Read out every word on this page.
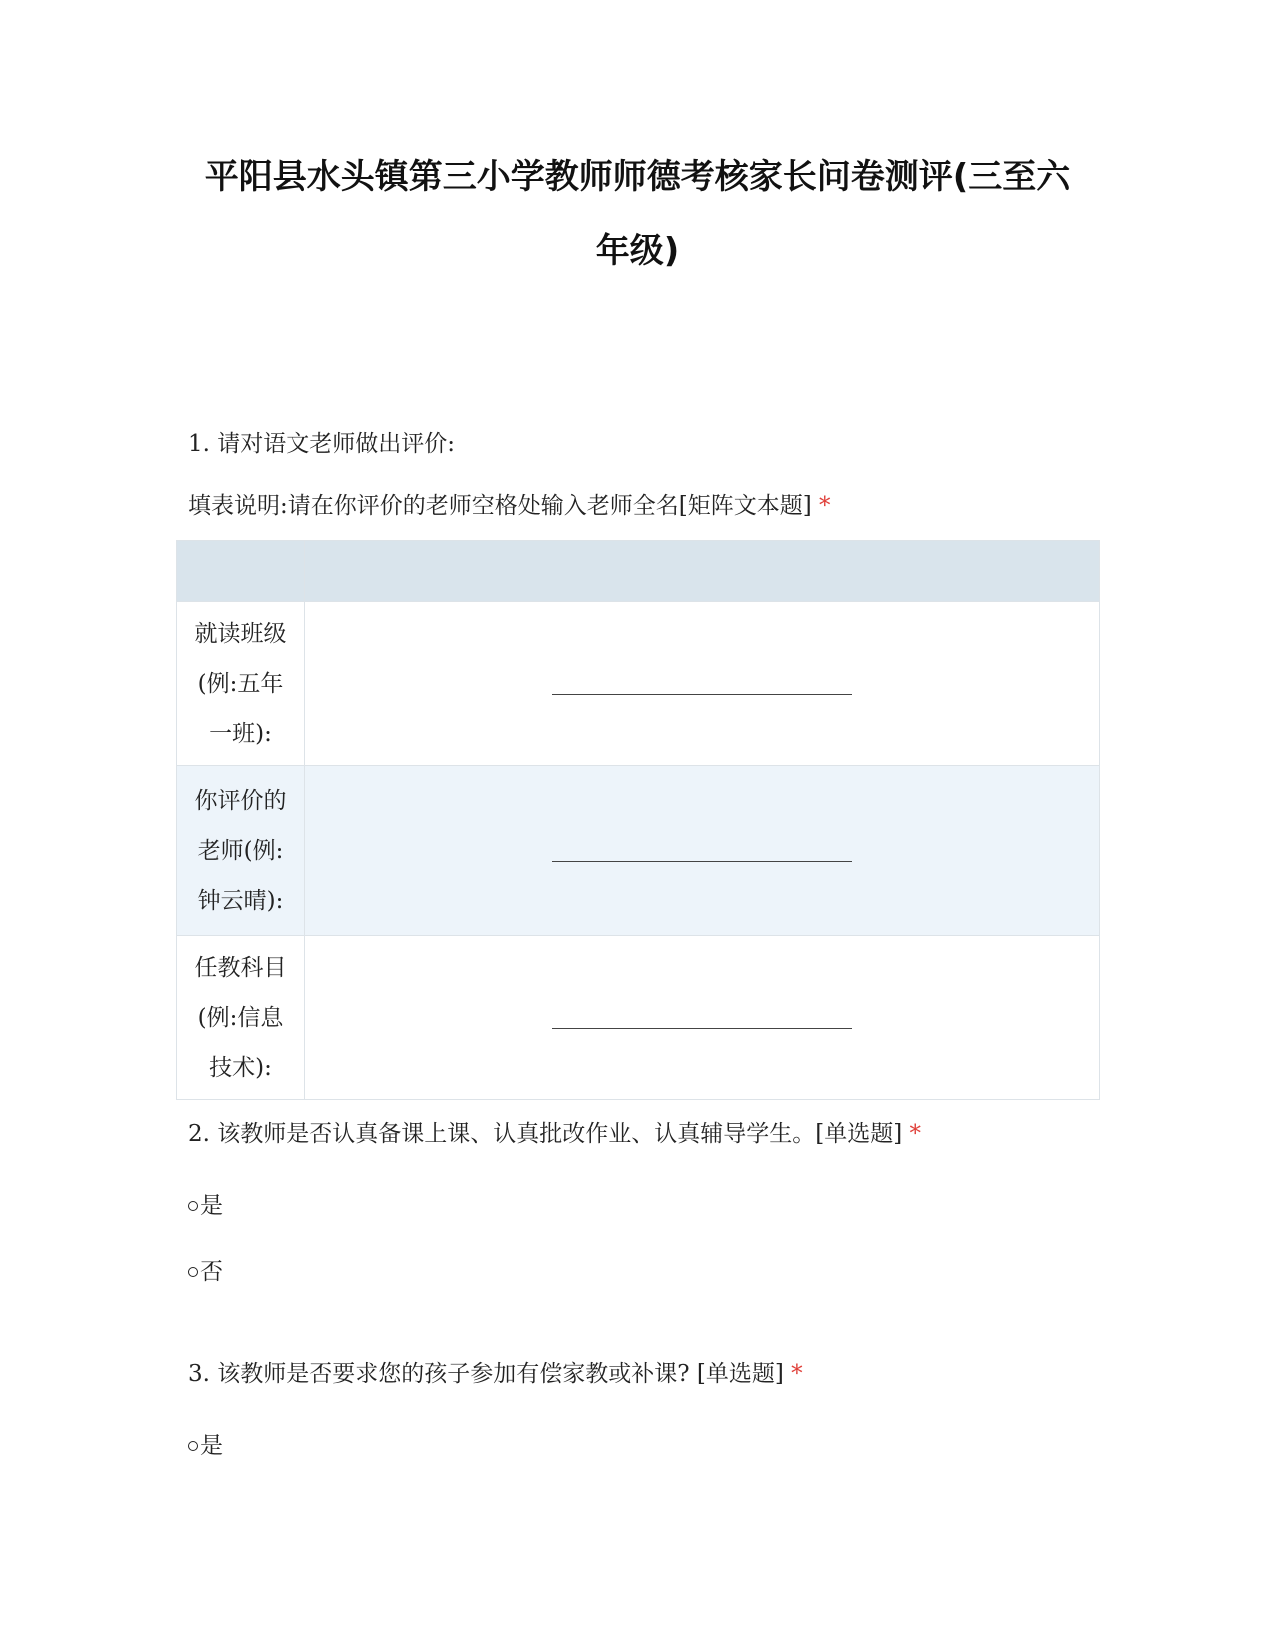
平阳县水头镇第三小学教师师德考核家长问卷测评(三至六年级)

1. 请对语文老师做出评价:

填表说明:请在你评价的老师空格处输入老师全名[矩阵文本题] *

就读班级(例:五年一班):	

你评价的老师(例:钟云晴):	

任教科目(例:信息技术):	

2. 该教师是否认真备课上课、认真批改作业、认真辅导学生。[单选题] *

是
否

3. 该教师是否要求您的孩子参加有偿家教或补课? [单选题] *

是
